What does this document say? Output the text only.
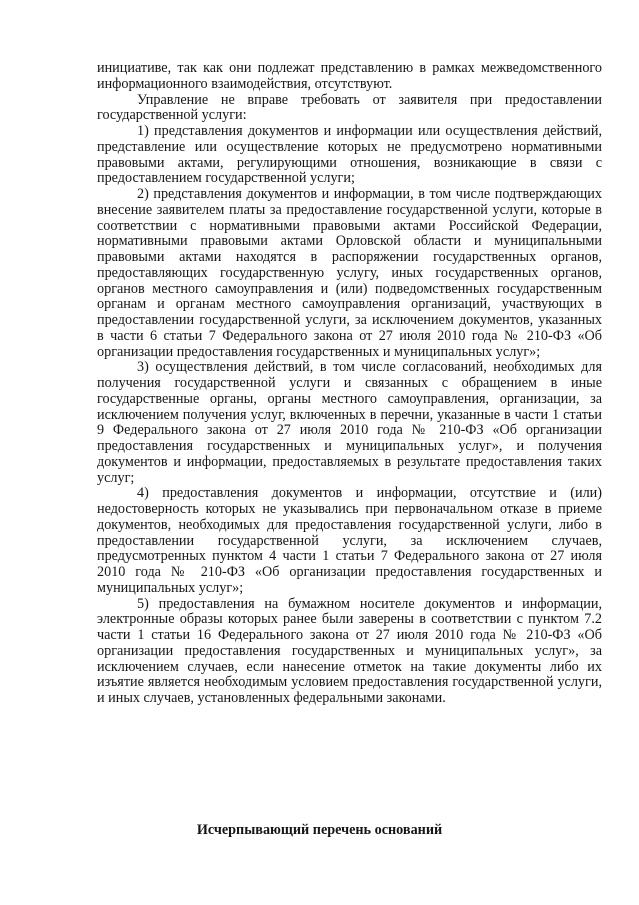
инициативе, так как они подлежат представлению в рамках межведомственного информационного взаимодействия, отсутствуют.

Управление не вправе требовать от заявителя при предоставлении государственной услуги:

1) представления документов и информации или осуществления действий, представление или осуществление которых не предусмотрено нормативными правовыми актами, регулирующими отношения, возникающие в связи с предоставлением государственной услуги;

2) представления документов и информации, в том числе подтверждающих внесение заявителем платы за предоставление государственной услуги, которые в соответствии с нормативными правовыми актами Российской Федерации, нормативными правовыми актами Орловской области и муниципальными правовыми актами находятся в распоряжении государственных органов, предоставляющих государственную услугу, иных государственных органов, органов местного самоуправления и (или) подведомственных государственным органам и органам местного самоуправления организаций, участвующих в предоставлении государственной услуги, за исключением документов, указанных в части 6 статьи 7 Федерального закона от 27 июля 2010 года № 210-ФЗ «Об организации предоставления государственных и муниципальных услуг»;

3) осуществления действий, в том числе согласований, необходимых для получения государственной услуги и связанных с обращением в иные государственные органы, органы местного самоуправления, организации, за исключением получения услуг, включенных в перечни, указанные в части 1 статьи 9 Федерального закона от 27 июля 2010 года № 210-ФЗ «Об организации предоставления государственных и муниципальных услуг», и получения документов и информации, предоставляемых в результате предоставления таких услуг;

4) предоставления документов и информации, отсутствие и (или) недостоверность которых не указывались при первоначальном отказе в приеме документов, необходимых для предоставления государственной услуги, либо в предоставлении государственной услуги, за исключением случаев, предусмотренных пунктом 4 части 1 статьи 7 Федерального закона от 27 июля 2010 года № 210-ФЗ «Об организации предоставления государственных и муниципальных услуг»;

5) предоставления на бумажном носителе документов и информации, электронные образы которых ранее были заверены в соответствии с пунктом 7.2 части 1 статьи 16 Федерального закона от 27 июля 2010 года № 210-ФЗ «Об организации предоставления государственных и муниципальных услуг», за исключением случаев, если нанесение отметок на такие документы либо их изъятие является необходимым условием предоставления государственной услуги, и иных случаев, установленных федеральными законами.

Исчерпывающий перечень оснований
